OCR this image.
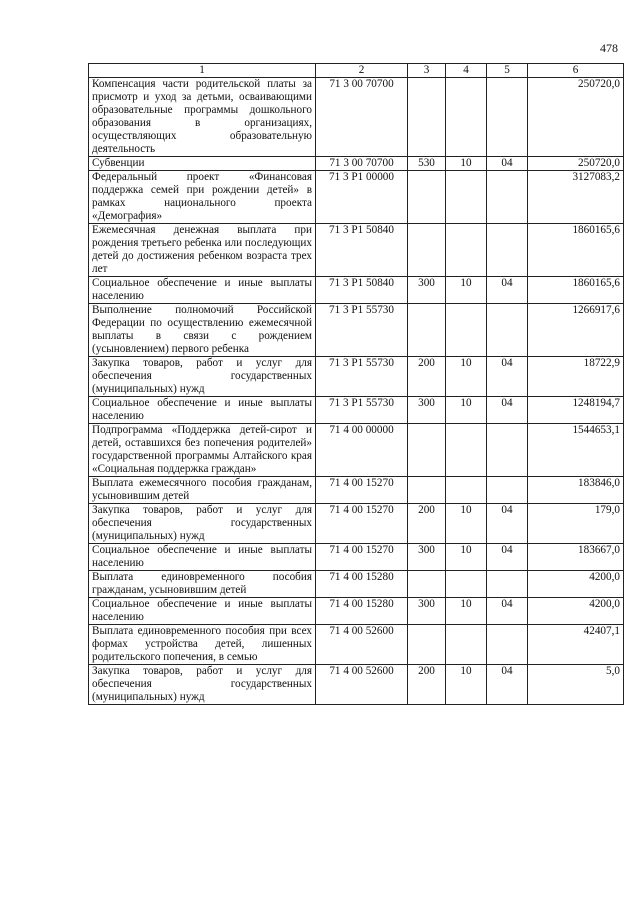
478
1	2	3	4	5	6
Компенсация части родительской платы за присмотр и уход за детьми, осваивающими образовательные программы дошкольного образования в организациях, осуществляющих образовательную деятельность	71 3 00 70700				250720,0
Субвенции	71 3 00 70700	530	10	04	250720,0
Федеральный проект «Финансовая поддержка семей при рождении детей» в рамках национального проекта «Демография»	71 3 P1 00000				3127083,2
Ежемесячная денежная выплата при рождения третьего ребенка или последующих детей до достижения ребенком возраста трех лет	71 3 P1 50840				1860165,6
Социальное обеспечение и иные выплаты населению	71 3 P1 50840	300	10	04	1860165,6
Выполнение полномочий Российской Федерации по осуществлению ежемесячной выплаты в связи с рождением (усыновлением) первого ребенка	71 3 P1 55730				1266917,6
Закупка товаров, работ и услуг для обеспечения государственных (муниципальных) нужд	71 3 P1 55730	200	10	04	18722,9
Социальное обеспечение и иные выплаты населению	71 3 P1 55730	300	10	04	1248194,7
Подпрограмма «Поддержка детей-сирот и детей, оставшихся без попечения родителей» государственной программы Алтайского края «Социальная поддержка граждан»	71 4 00 00000				1544653,1
Выплата ежемесячного пособия гражданам, усыновившим детей	71 4 00 15270				183846,0
Закупка товаров, работ и услуг для обеспечения государственных (муниципальных) нужд	71 4 00 15270	200	10	04	179,0
Социальное обеспечение и иные выплаты населению	71 4 00 15270	300	10	04	183667,0
Выплата единовременного пособия гражданам, усыновившим детей	71 4 00 15280				4200,0
Социальное обеспечение и иные выплаты населению	71 4 00 15280	300	10	04	4200,0
Выплата единовременного пособия при всех формах устройства детей, лишенных родительского попечения, в семью	71 4 00 52600				42407,1
Закупка товаров, работ и услуг для обеспечения государственных (муниципальных) нужд	71 4 00 52600	200	10	04	5,0
